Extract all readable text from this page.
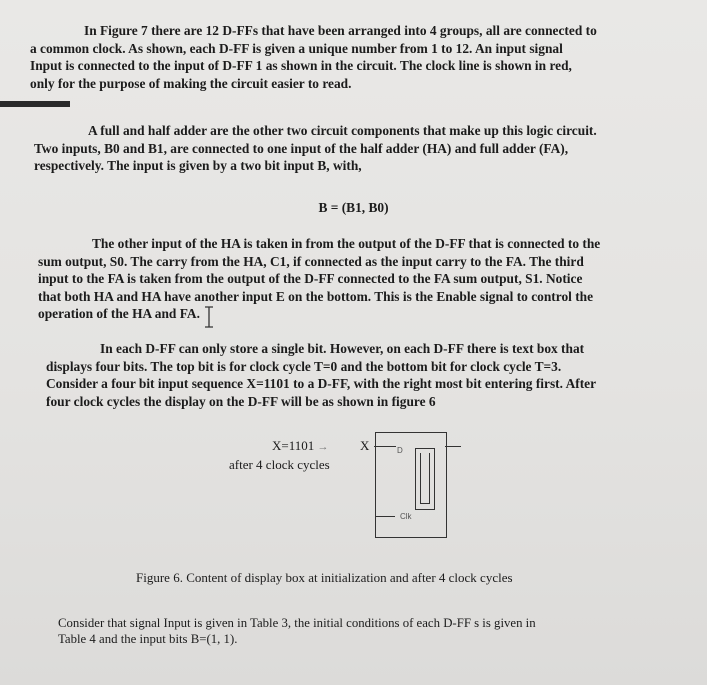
In Figure 7 there are 12 D-FFs that have been arranged into 4 groups, all are connected to
a common clock. As shown, each D-FF is given a unique number from 1 to 12. An input signal
Input is connected to the input of D-FF 1 as shown in the circuit. The clock line is shown in red,
only for the purpose of making the circuit easier to read.
A full and half adder are the other two circuit components that make up this logic circuit.
Two inputs, B0 and B1, are connected to one input of the half adder (HA) and full adder (FA),
respectively. The input is given by a two bit input B, with,
B = (B1, B0)
The other input of the HA is taken in from the output of the D-FF that is connected to the
sum output, S0. The carry from the HA, C1, if connected as the input carry to the FA. The third
input to the FA is taken from the output of the D-FF connected to the FA sum output, S1. Notice
that both HA and HA have another input E on the bottom. This is the Enable signal to control the
operation of the HA and FA.
In each D-FF can only store a single bit. However, on each D-FF there is text box that
displays four bits. The top bit is for clock cycle T=0 and the bottom bit for clock cycle T=3.
Consider a four bit input sequence X=1101 to a D-FF, with the right most bit entering first. After
four clock cycles the display on the D-FF will be as shown in figure 6
X=1101 →
after 4 clock cycles
X	D
Clk
Figure 6. Content of display box at initialization and after 4 clock cycles
Consider that signal Input is given in Table 3, the initial conditions of each D-FF s is given in
Table 4 and the input bits B=(1, 1).
